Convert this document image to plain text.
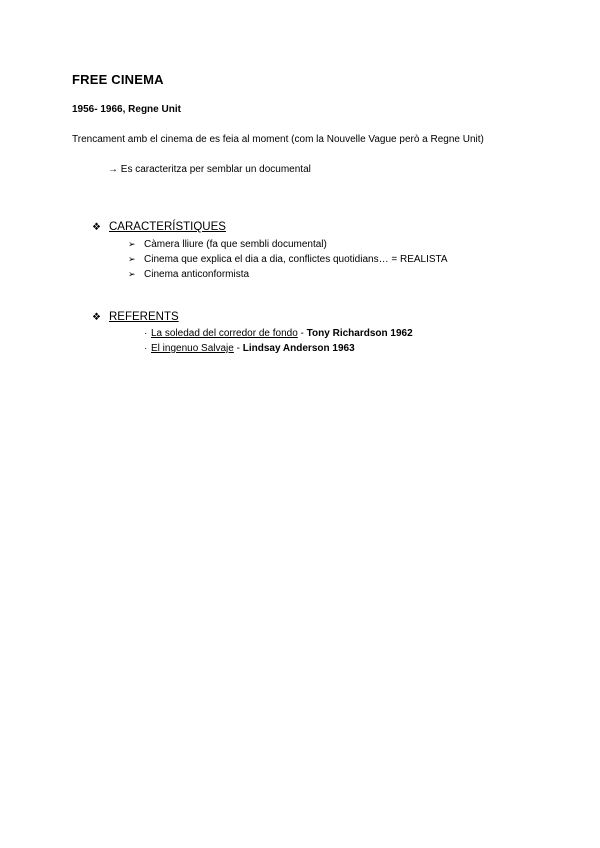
FREE CINEMA
1956- 1966, Regne Unit
Trencament amb el cinema de es feia al moment (com la Nouvelle Vague però a Regne Unit)
→ Es caracteritza per semblar un documental
❖ CARACTERÍSTIQUES
➢ Càmera lliure (fa que sembli documental)
➢ Cinema que explica el dia a dia, conflictes quotidians… = REALISTA
➢ Cinema anticonformista
❖ REFERENTS
· La soledad del corredor de fondo - Tony Richardson 1962
· El ingenuo Salvaje - Lindsay Anderson 1963
